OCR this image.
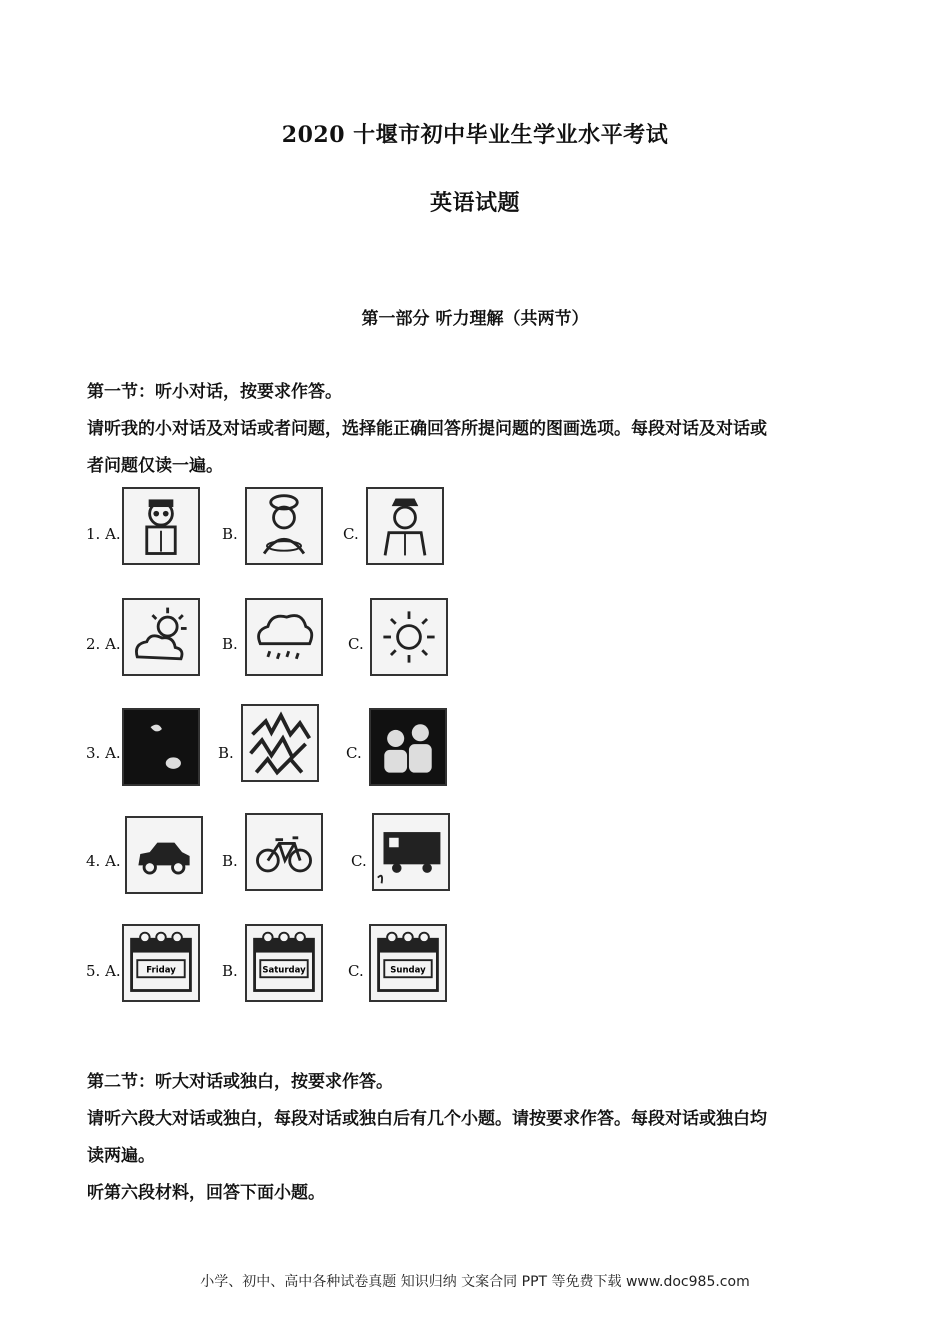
2020 十堰市初中毕业生学业水平考试
英语试题
第一部分 听力理解（共两节）
第一节：听小对话，按要求作答。
请听我的小对话及对话或者问题，选择能正确回答所提问题的图画选项。每段对话及对话或
者问题仅读一遍。
1. A.	B.	C.
2. A.	B.	C.
3. A.	B.	C.
4. A.	B.	C.
5. A.	Friday	B.	Saturday	C.	Sunday
第二节：听大对话或独白，按要求作答。
请听六段大对话或独白，每段对话或独白后有几个小题。请按要求作答。每段对话或独白均
读两遍。
听第六段材料，回答下面小题。
小学、初中、高中各种试卷真题 知识归纳 文案合同 PPT 等免费下载 www.doc985.com
